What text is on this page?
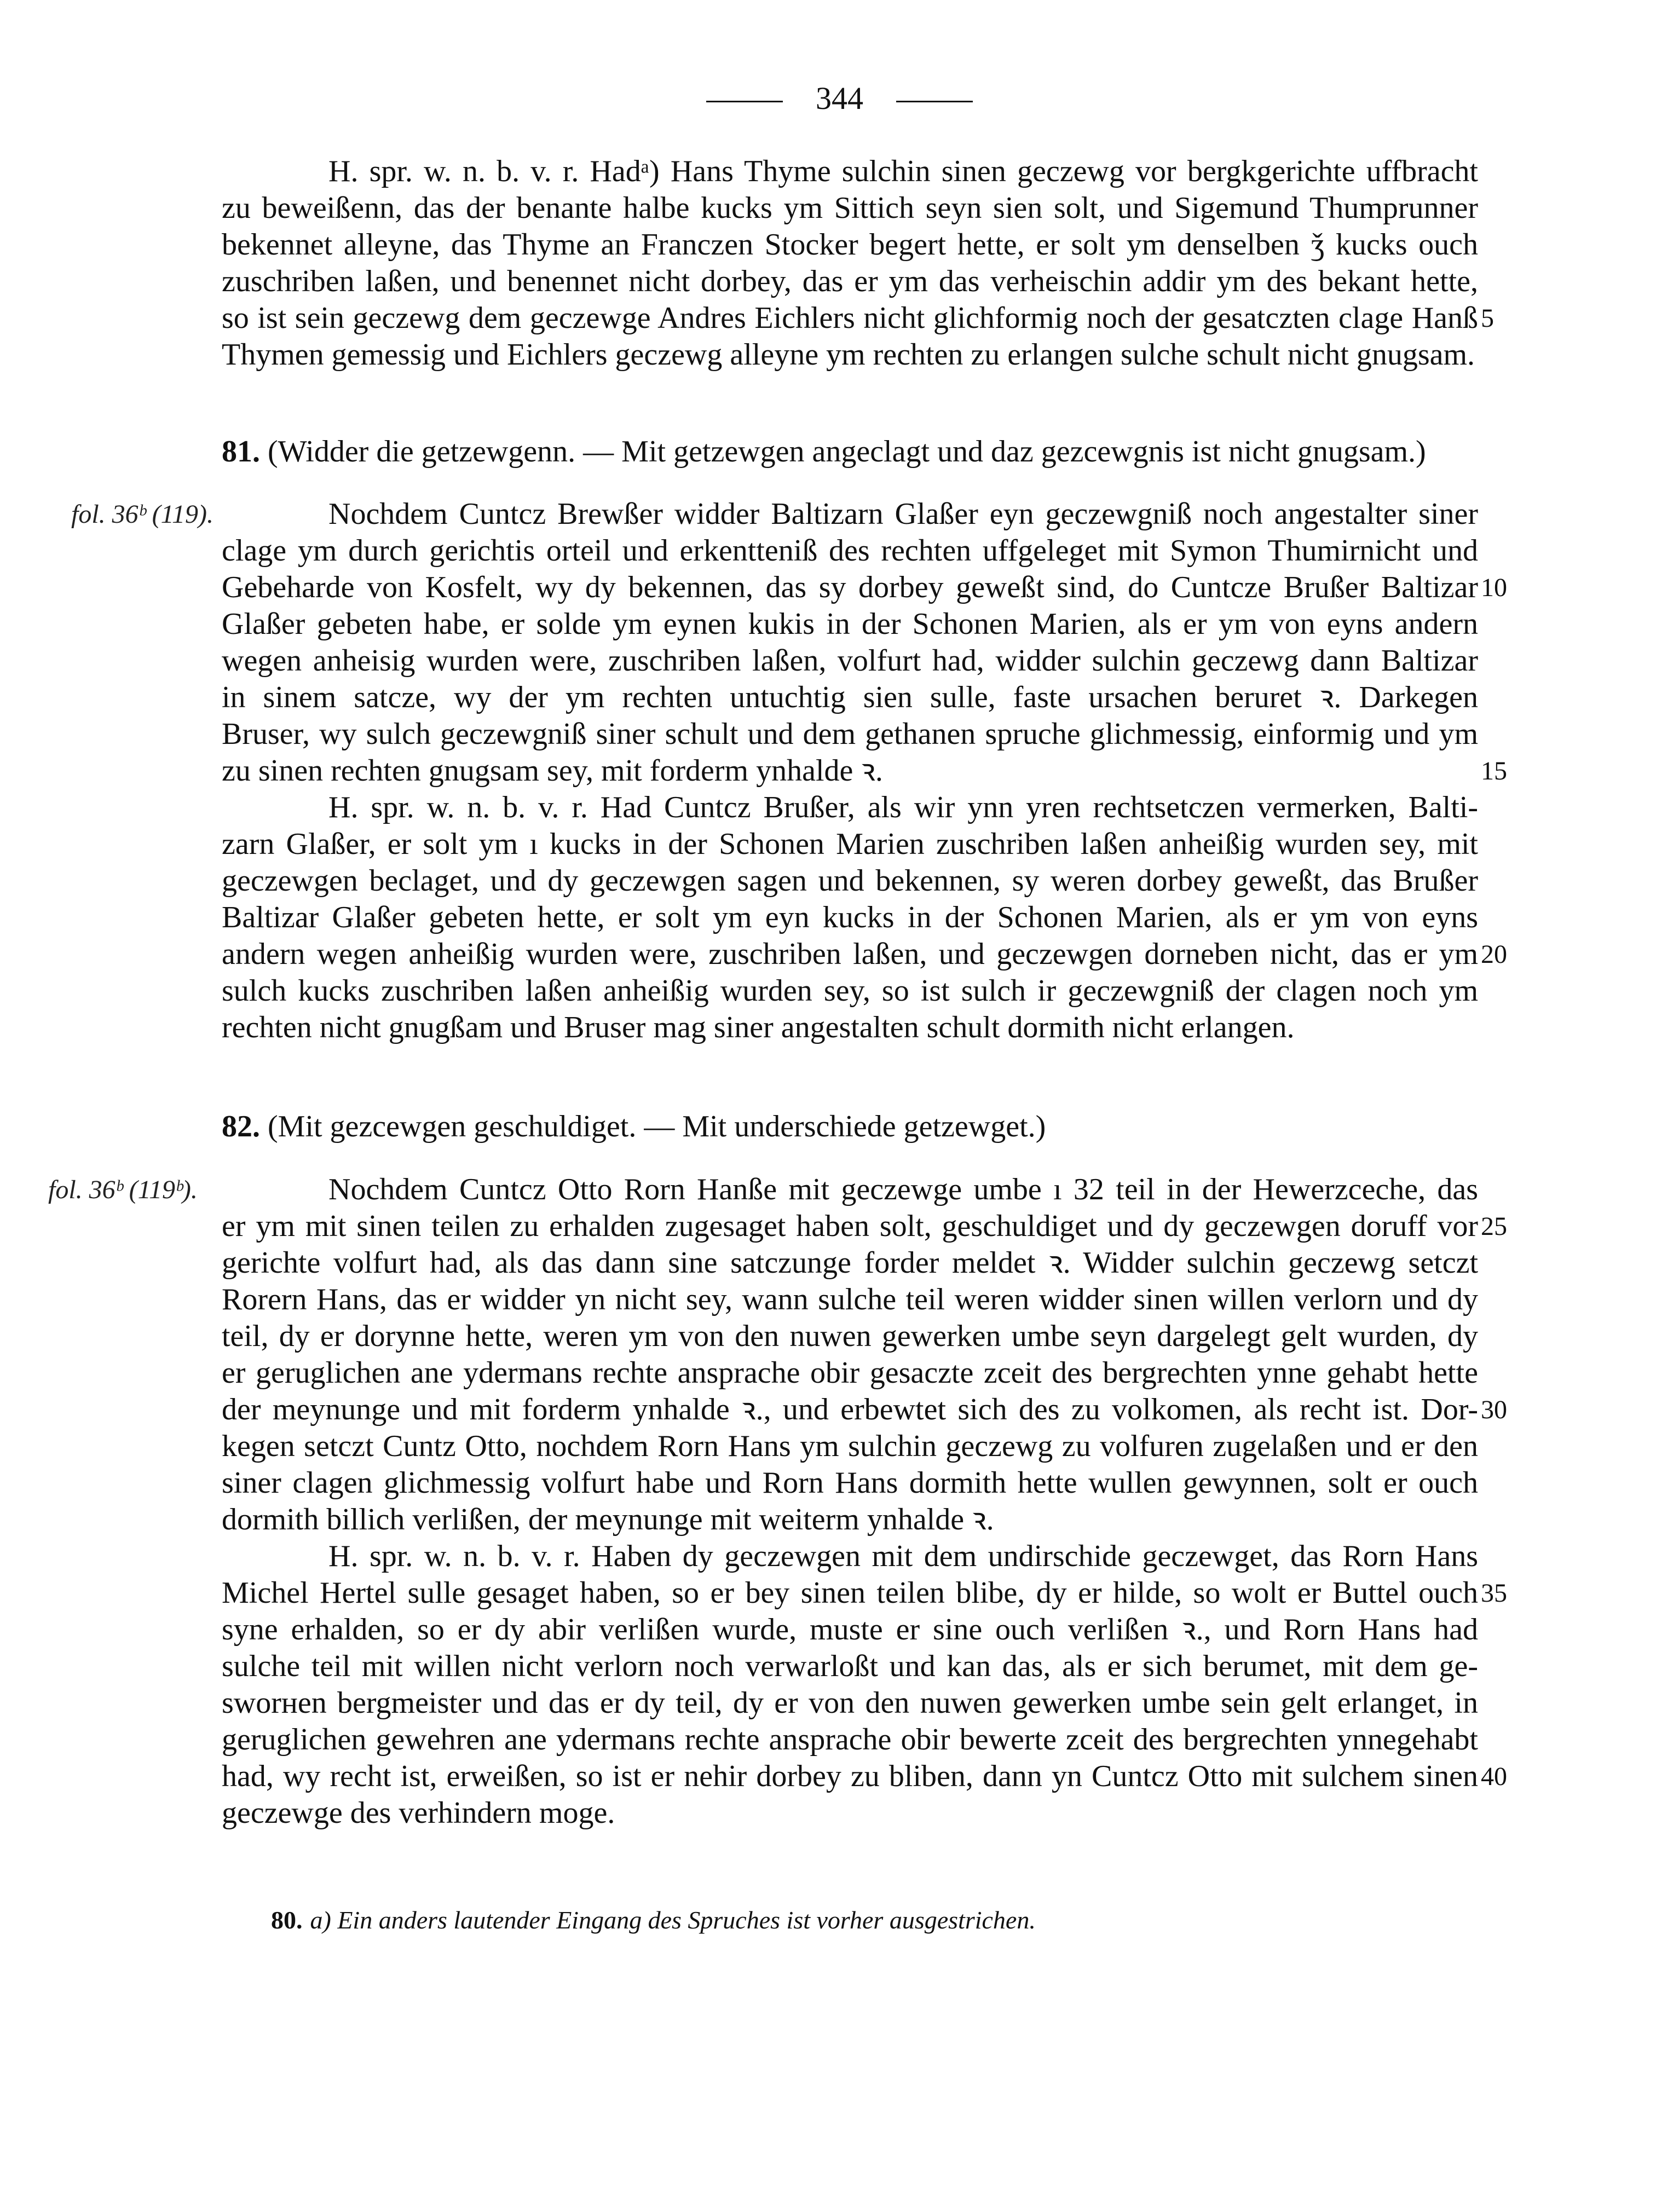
344
H. spr. w. n. b. v. r. Hadᵃ) Hans Thyme sulchin sinen geczewg vor bergkgerichte uffbracht
zu beweißenn, das der benante halbe kucks ym Sittich seyn sien solt, und Sigemund Thumprunner
bekennet alleyne, das Thyme an Franczen Stocker begert hette, er solt ym denselben ǯ kucks ouch
zuschriben laßen, und benennet nicht dorbey, das er ym das verheischin addir ym des bekant hette,
so ist sein geczewg dem geczewge Andres Eichlers nicht glichformig noch der gesatczten clage Hanß
Thymen gemessig und Eichlers geczewg alleyne ym rechten zu erlangen sulche schult nicht gnugsam.
5
81. (Widder die getzewgenn. — Mit getzewgen angeclagt und daz gezcewgnis ist nicht gnugsam.)
fol. 36ᵇ (119).	Nochdem Cuntcz Brewßer widder Baltizarn Glaßer eyn geczewgniß noch angestalter siner
clage ym durch gerichtis orteil und erkentteniß des rechten uffgeleget mit Symon Thumirnicht und
Gebeharde von Kosfelt, wy dy bekennen, das sy dorbey geweßt sind, do Cuntcze Brußer Baltizar
Glaßer gebeten habe, er solde ym eynen kukis in der Schonen Marien, als er ym von eyns andern
wegen anheisig wurden were, zuschriben laßen, volfurt had, widder sulchin geczewg dann Baltizar
in sinem satcze, wy der ym rechten untuchtig sien sulle, faste ursachen beruret ꝛ. Darkegen
Bruser, wy sulch geczewgniß siner schult und dem gethanen spruche glichmessig, einformig und ym
zu sinen rechten gnugsam sey, mit forderm ynhalde ꝛ.
H. spr. w. n. b. v. r. Had Cuntcz Brußer, als wir ynn yren rechtsetczen vermerken, Balti-
zarn Glaßer, er solt ym ı kucks in der Schonen Marien zuschriben laßen anheißig wurden sey, mit
geczewgen beclaget, und dy geczewgen sagen und bekennen, sy weren dorbey geweßt, das Brußer
Baltizar Glaßer gebeten hette, er solt ym eyn kucks in der Schonen Marien, als er ym von eyns
andern wegen anheißig wurden were, zuschriben laßen, und geczewgen dorneben nicht, das er ym
sulch kucks zuschriben laßen anheißig wurden sey, so ist sulch ir geczewgniß der clagen noch ym
rechten nicht gnugßam und Bruser mag siner angestalten schult dormith nicht erlangen.
10
15
20
82. (Mit gezcewgen geschuldiget. — Mit underschiede getzewget.)
fol. 36ᵇ (119ᵇ).	Nochdem Cuntcz Otto Rorn Hanße mit geczewge umbe ı 32 teil in der Hewerzceche, das
er ym mit sinen teilen zu erhalden zugesaget haben solt, geschuldiget und dy geczewgen doruff vor
gerichte volfurt had, als das dann sine satczunge forder meldet ꝛ. Widder sulchin geczewg setczt
Rorern Hans, das er widder yn nicht sey, wann sulche teil weren widder sinen willen verlorn und dy
teil, dy er dorynne hette, weren ym von den nuwen gewerken umbe seyn dargelegt gelt wurden, dy
er geruglichen ane ydermans rechte ansprache obir gesaczte zceit des bergrechten ynne gehabt hette
der meynunge und mit forderm ynhalde ꝛ., und erbewtet sich des zu volkomen, als recht ist. Dor-
kegen setczt Cuntz Otto, nochdem Rorn Hans ym sulchin geczewg zu volfuren zugelaßen und er den
siner clagen glichmessig volfurt habe und Rorn Hans dormith hette wullen gewynnen, solt er ouch
dormith billich verlißen, der meynunge mit weiterm ynhalde ꝛ.
H. spr. w. n. b. v. r. Haben dy geczewgen mit dem undirschide geczewget, das Rorn Hans
Michel Hertel sulle gesaget haben, so er bey sinen teilen blibe, dy er hilde, so wolt er Buttel ouch
syne erhalden, so er dy abir verlißen wurde, muste er sine ouch verlißen ꝛ., und Rorn Hans had
sulche teil mit willen nicht verlorn noch verwarloßt und kan das, als er sich berumet, mit dem ge-
sworнen bergmeister und das er dy teil, dy er von den nuwen gewerken umbe sein gelt erlanget, in
geruglichen gewehren ane ydermans rechte ansprache obir bewerte zceit des bergrechten ynnegehabt
had, wy recht ist, erweißen, so ist er nehir dorbey zu bliben, dann yn Cuntcz Otto mit sulchem sinen
geczewge des verhindern moge.
25
30
35
40
80. a) Ein anders lautender Eingang des Spruches ist vorher ausgestrichen.
